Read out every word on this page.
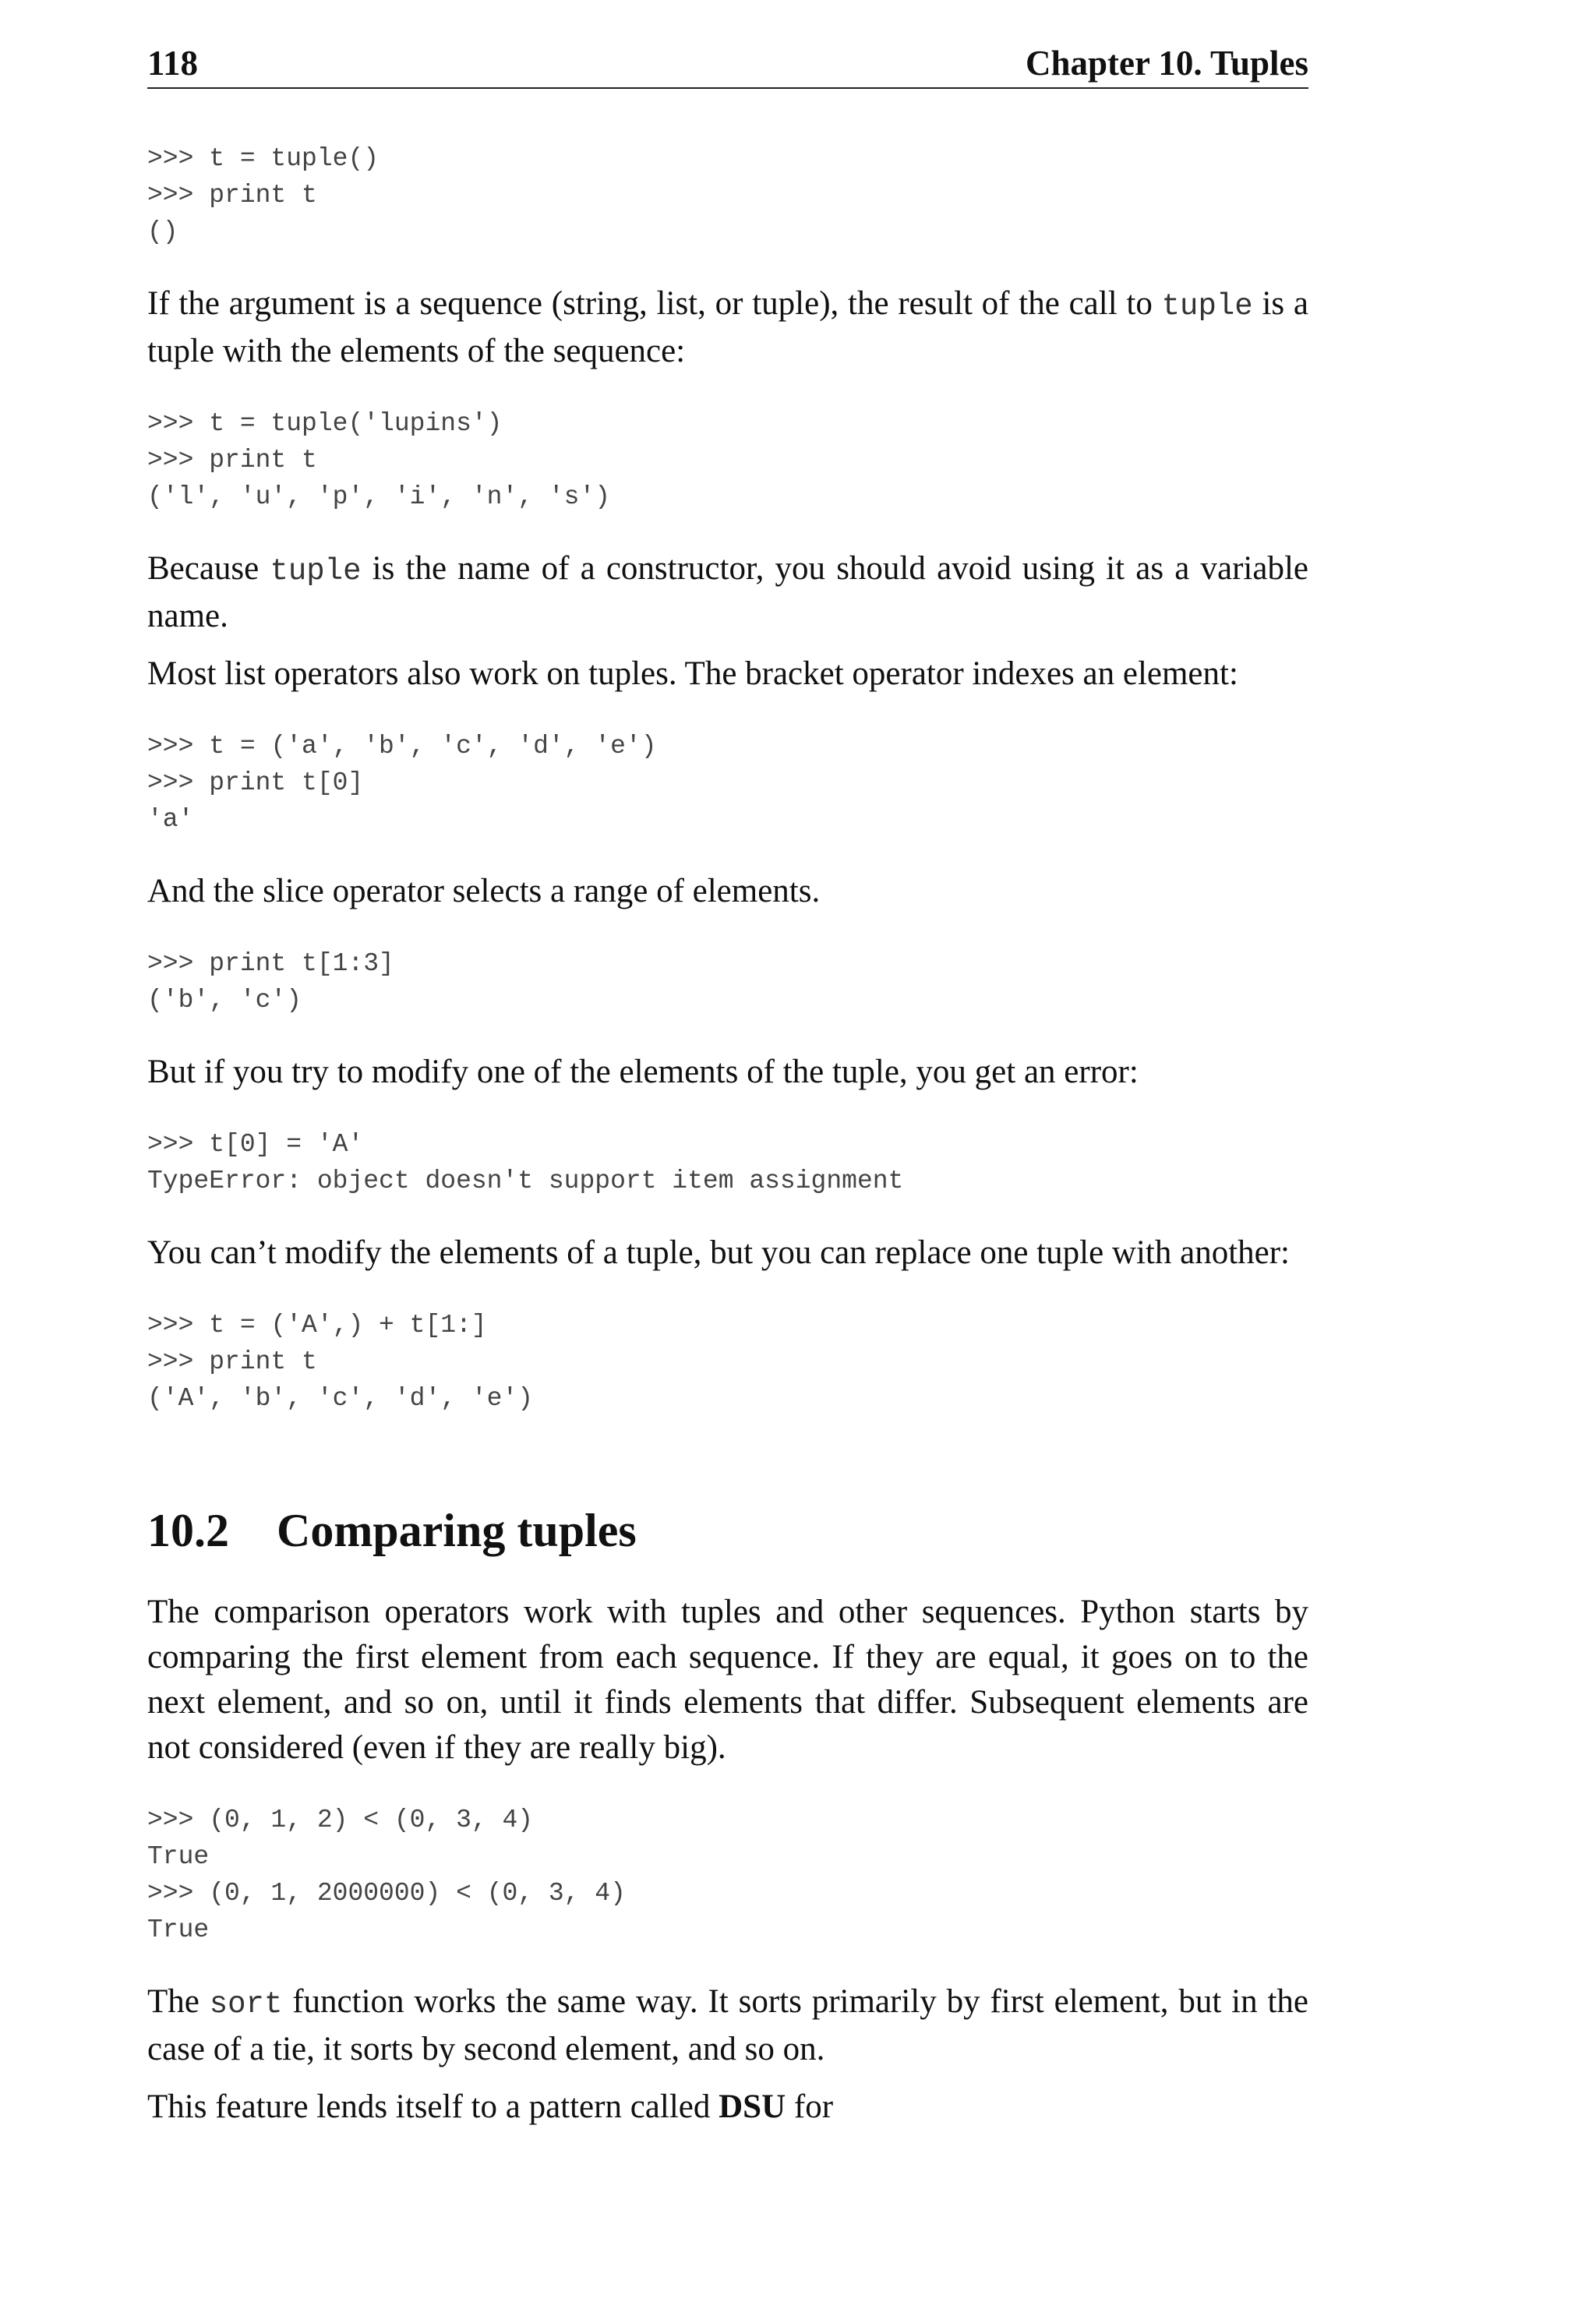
118	Chapter 10. Tuples
>>> t = tuple()
>>> print t
()

If the argument is a sequence (string, list, or tuple), the result of the call to tuple is a tuple with the elements of the sequence:

>>> t = tuple('lupins')
>>> print t
('l', 'u', 'p', 'i', 'n', 's')

Because tuple is the name of a constructor, you should avoid using it as a variable name.

Most list operators also work on tuples. The bracket operator indexes an element:

>>> t = ('a', 'b', 'c', 'd', 'e')
>>> print t[0]
'a'

And the slice operator selects a range of elements.

>>> print t[1:3]
('b', 'c')

But if you try to modify one of the elements of the tuple, you get an error:

>>> t[0] = 'A'
TypeError: object doesn't support item assignment

You can’t modify the elements of a tuple, but you can replace one tuple with another:

>>> t = ('A',) + t[1:]
>>> print t
('A', 'b', 'c', 'd', 'e')
10.2	Comparing tuples

The comparison operators work with tuples and other sequences. Python starts by comparing the first element from each sequence. If they are equal, it goes on to the next element, and so on, until it finds elements that differ. Subsequent elements are not considered (even if they are really big).

>>> (0, 1, 2) < (0, 3, 4)
True
>>> (0, 1, 2000000) < (0, 3, 4)
True

The sort function works the same way. It sorts primarily by first element, but in the case of a tie, it sorts by second element, and so on.

This feature lends itself to a pattern called DSU for
